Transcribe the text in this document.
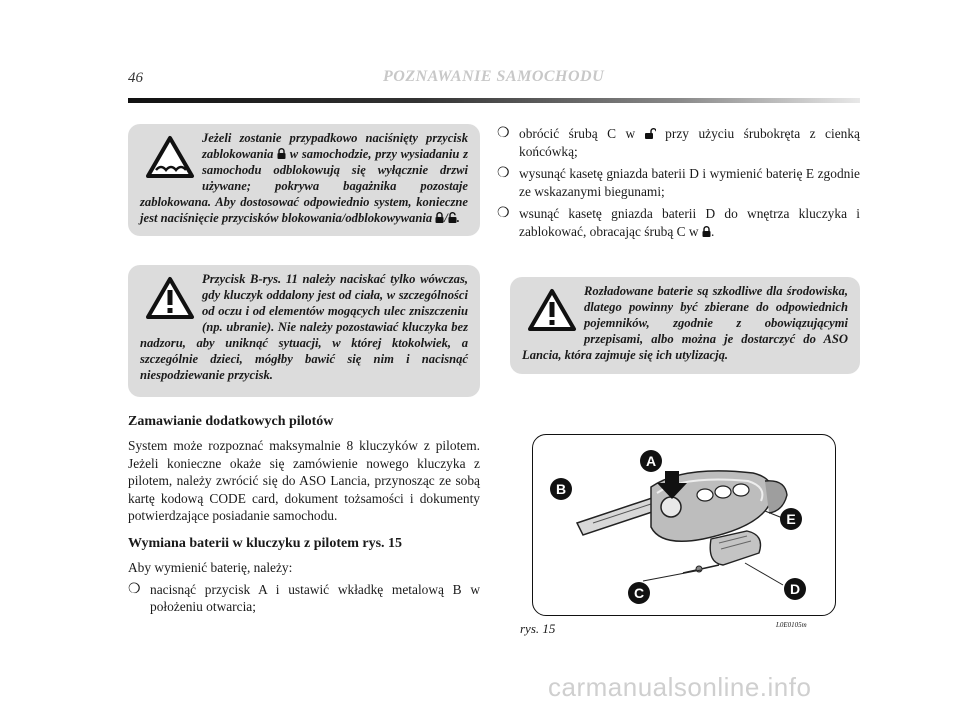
46	POZNAWANIE SAMOCHODU

Jeżeli zostanie przypadkowo naciśnięty przycisk zablokowania  w samochodzie, przy wysiadaniu z samochodu odblokowują się wyłącznie drzwi używane; pokrywa bagażnika pozostaje zablokowana. Aby dostosować odpowiednio system, konieczne jest naciśnięcie przycisków blokowania/odblokowywania / .

Przycisk B-rys. 11 należy naciskać tylko wówczas, gdy kluczyk oddalony jest od ciała, w szczególności od oczu i od elementów mogących ulec zniszczeniu (np. ubranie). Nie należy pozostawiać kluczyka bez nadzoru, aby uniknąć sytuacji, w której ktokolwiek, a szczególnie dzieci, mógłby bawić się nim i nacisnąć niespodziewanie przycisk.

Rozładowane baterie są szkodliwe dla środowiska, dlatego powinny być zbierane do odpowiednich pojemników, zgodnie z obowiązującymi przepisami, albo można je dostarczyć do ASO Lancia, która zajmuje się ich utylizacją.

Zamawianie dodatkowych pilotów

System może rozpoznać maksymalnie 8 kluczyków z pilotem. Jeżeli konieczne okaże się zamówienie nowego kluczyka z pilotem, należy zwrócić się do ASO Lancia, przynosząc ze sobą kartę kodową CODE card, dokument tożsamości i dokumenty potwierdzające posiadanie samochodu.

Wymiana baterii w kluczyku z pilotem rys. 15

Aby wymienić baterię, należy:

❍ nacisnąć przycisk A i ustawić wkładkę metalową B w położeniu otwarcia;
❍ obrócić śrubą C w  przy użyciu śrubokręta z cienką końcówką;
❍ wysunąć kasetę gniazda baterii D i wymienić baterię E zgodnie ze wskazanymi biegunami;
❍ wsunąć kasetę gniazda baterii D do wnętrza kluczyka i zablokować, obracając śrubą C w .
A
B
C	D
E
rys. 15	L0E0105m
carmanualsonline.info
